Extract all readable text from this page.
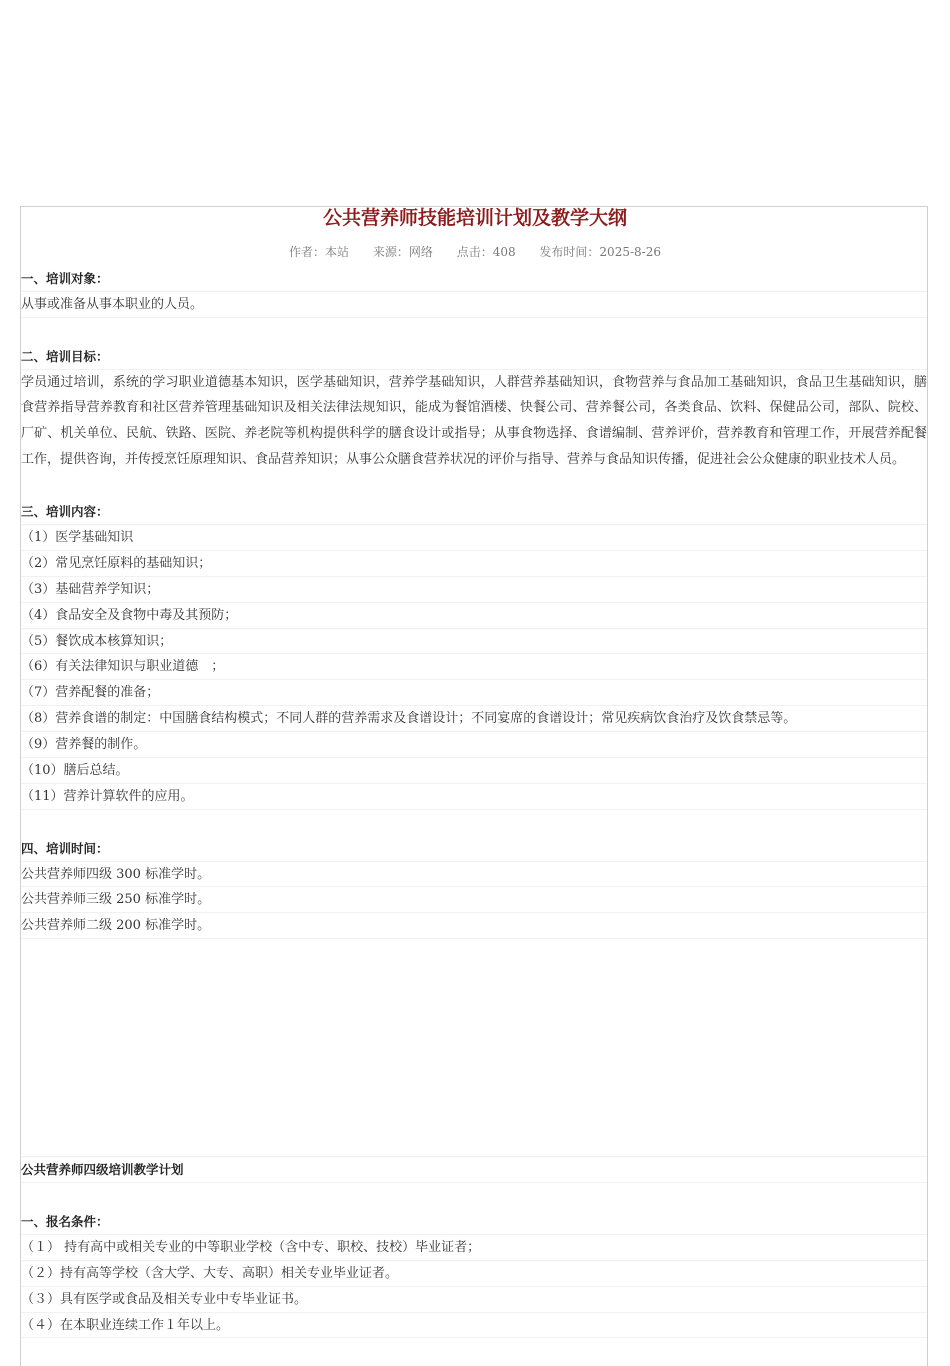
公共营养师技能培训计划及教学大纲
作者：本站 来源：网络 点击：408 发布时间：2025-8-26
一、培训对象：
从事或准备从事本职业的人员。
二、培训目标：
学员通过培训，系统的学习职业道德基本知识，医学基础知识，营养学基础知识，人群营养基础知识，食物营养与食品加工基础知识，食品卫生基础知识，膳食营养指导营养教育和社区营养管理基础知识及相关法律法规知识，能成为餐馆酒楼、快餐公司、营养餐公司，各类食品、饮料、保健品公司，部队、院校、厂矿、机关单位、民航、铁路、医院、养老院等机构提供科学的膳食设计或指导；从事食物选择、食谱编制、营养评价，营养教育和管理工作，开展营养配餐工作，提供咨询，并传授烹饪原理知识、食品营养知识；从事公众膳食营养状况的评价与指导、营养与食品知识传播，促进社会公众健康的职业技术人员。
三、培训内容：
（1）医学基础知识
（2）常见烹饪原料的基础知识；
（3）基础营养学知识；
（4）食品安全及食物中毒及其预防；
（5）餐饮成本核算知识；
（6）有关法律知识与职业道德　；
（7）营养配餐的准备；
（8）营养食谱的制定：中国膳食结构模式；不同人群的营养需求及食谱设计；不同宴席的食谱设计；常见疾病饮食治疗及饮食禁忌等。
（9）营养餐的制作。
（10）膳后总结。
（11）营养计算软件的应用。
四、培训时间：
公共营养师四级 300 标准学时。
公共营养师三级 250 标准学时。
公共营养师二级 200 标准学时。
公共营养师四级培训教学计划
一、报名条件：
（１） 持有高中或相关专业的中等职业学校（含中专、职校、技校）毕业证者；
（２）持有高等学校（含大学、大专、高职）相关专业毕业证者。
（３）具有医学或食品及相关专业中专毕业证书。
（４）在本职业连续工作１年以上。
